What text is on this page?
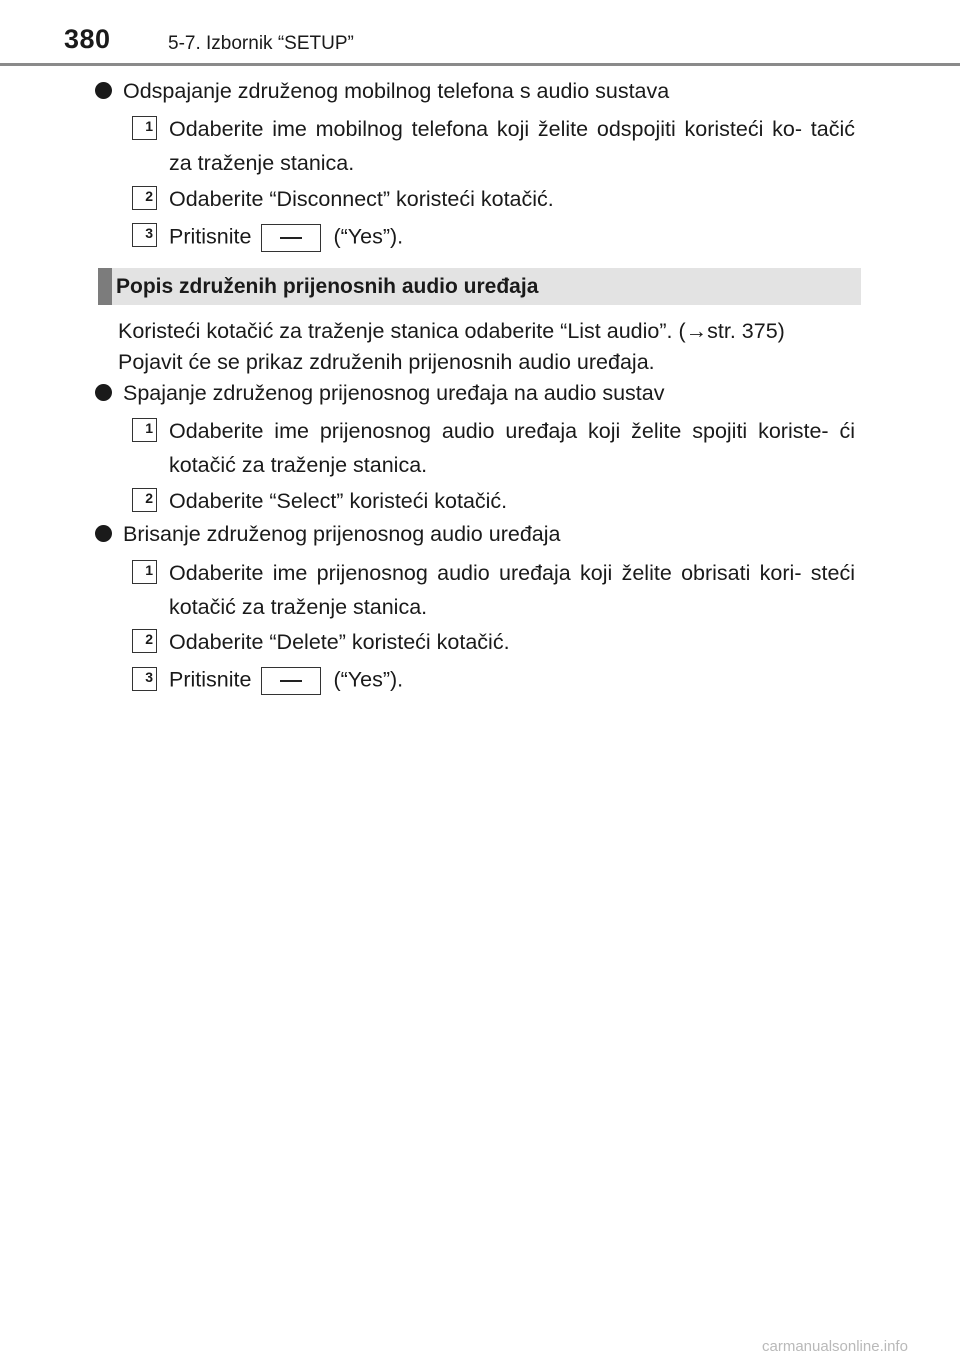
380	5-7. Izbornik “SETUP”
Odspajanje združenog mobilnog telefona s audio sustava
1 Odaberite ime mobilnog telefona koji želite odspojiti koristeći ko- tačić za traženje stanica.
2 Odaberite “Disconnect” koristeći kotačić.
3 Pritisnite	(“Yes”).
Popis združenih prijenosnih audio uređaja
Koristeći kotačić za traženje stanica odaberite “List audio”. (→str. 375)
Pojavit će se prikaz združenih prijenosnih audio uređaja.
Spajanje združenog prijenosnog uređaja na audio sustav
1 Odaberite ime prijenosnog audio uređaja koji želite spojiti koriste- ći kotačić za traženje stanica.
2 Odaberite “Select” koristeći kotačić.
Brisanje združenog prijenosnog audio uređaja
1 Odaberite ime prijenosnog audio uređaja koji želite obrisati kori- steći kotačić za traženje stanica.
2 Odaberite “Delete” koristeći kotačić.
3 Pritisnite	(“Yes”).
carmanualsonline.info
